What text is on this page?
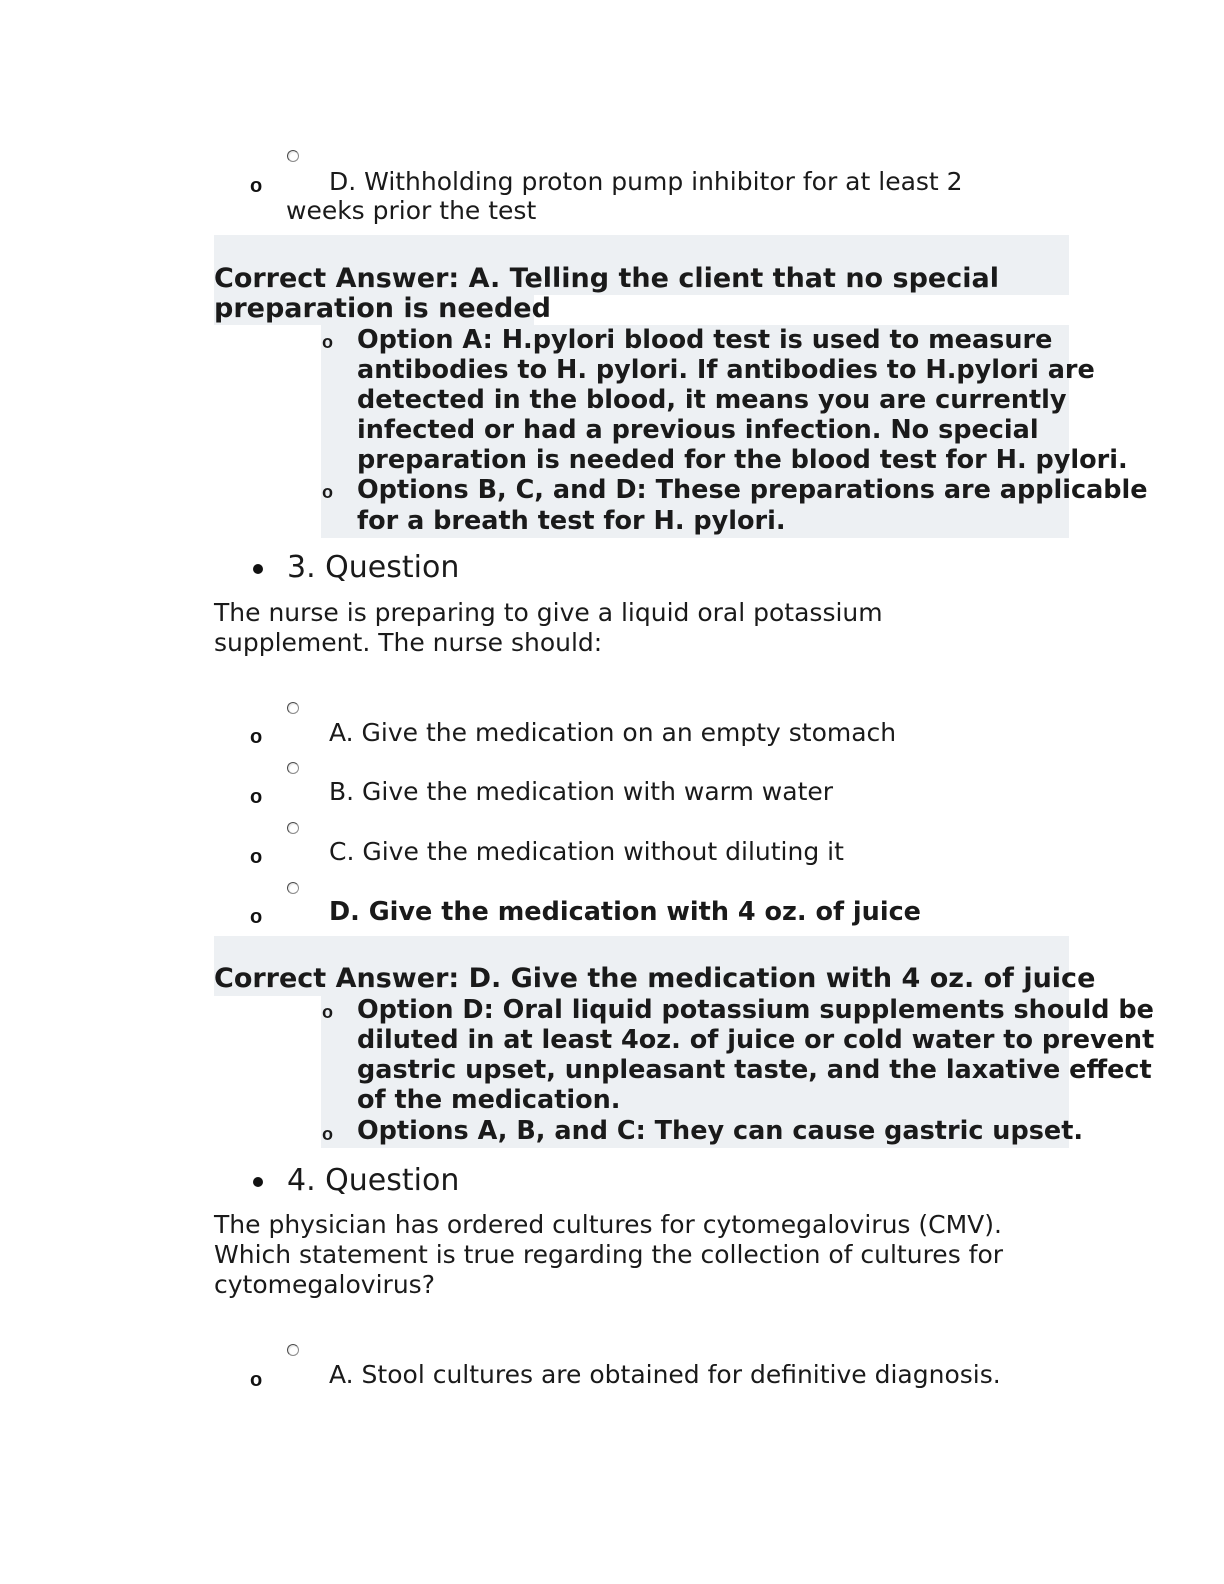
o	D. Withholding proton pump inhibitor for at least 2
weeks prior the test
Correct Answer: A. Telling the client that no special
preparation is needed
o Option A: H.pylori blood test is used to measure
antibodies to H. pylori. If antibodies to H.pylori are
detected in the blood, it means you are currently
infected or had a previous infection. No special
preparation is needed for the blood test for H. pylori.
o Options B, C, and D: These preparations are applicable
for a breath test for H. pylori.
3. Question
The nurse is preparing to give a liquid oral potassium
supplement. The nurse should:
o	A. Give the medication on an empty stomach
o	B. Give the medication with warm water
o	C. Give the medication without diluting it
o	D. Give the medication with 4 oz. of juice
Correct Answer: D. Give the medication with 4 oz. of juice
o Option D: Oral liquid potassium supplements should be
diluted in at least 4oz. of juice or cold water to prevent
gastric upset, unpleasant taste, and the laxative effect
of the medication.
o Options A, B, and C: They can cause gastric upset.
4. Question
The physician has ordered cultures for cytomegalovirus (CMV).
Which statement is true regarding the collection of cultures for
cytomegalovirus?
o	A. Stool cultures are obtained for definitive diagnosis.
